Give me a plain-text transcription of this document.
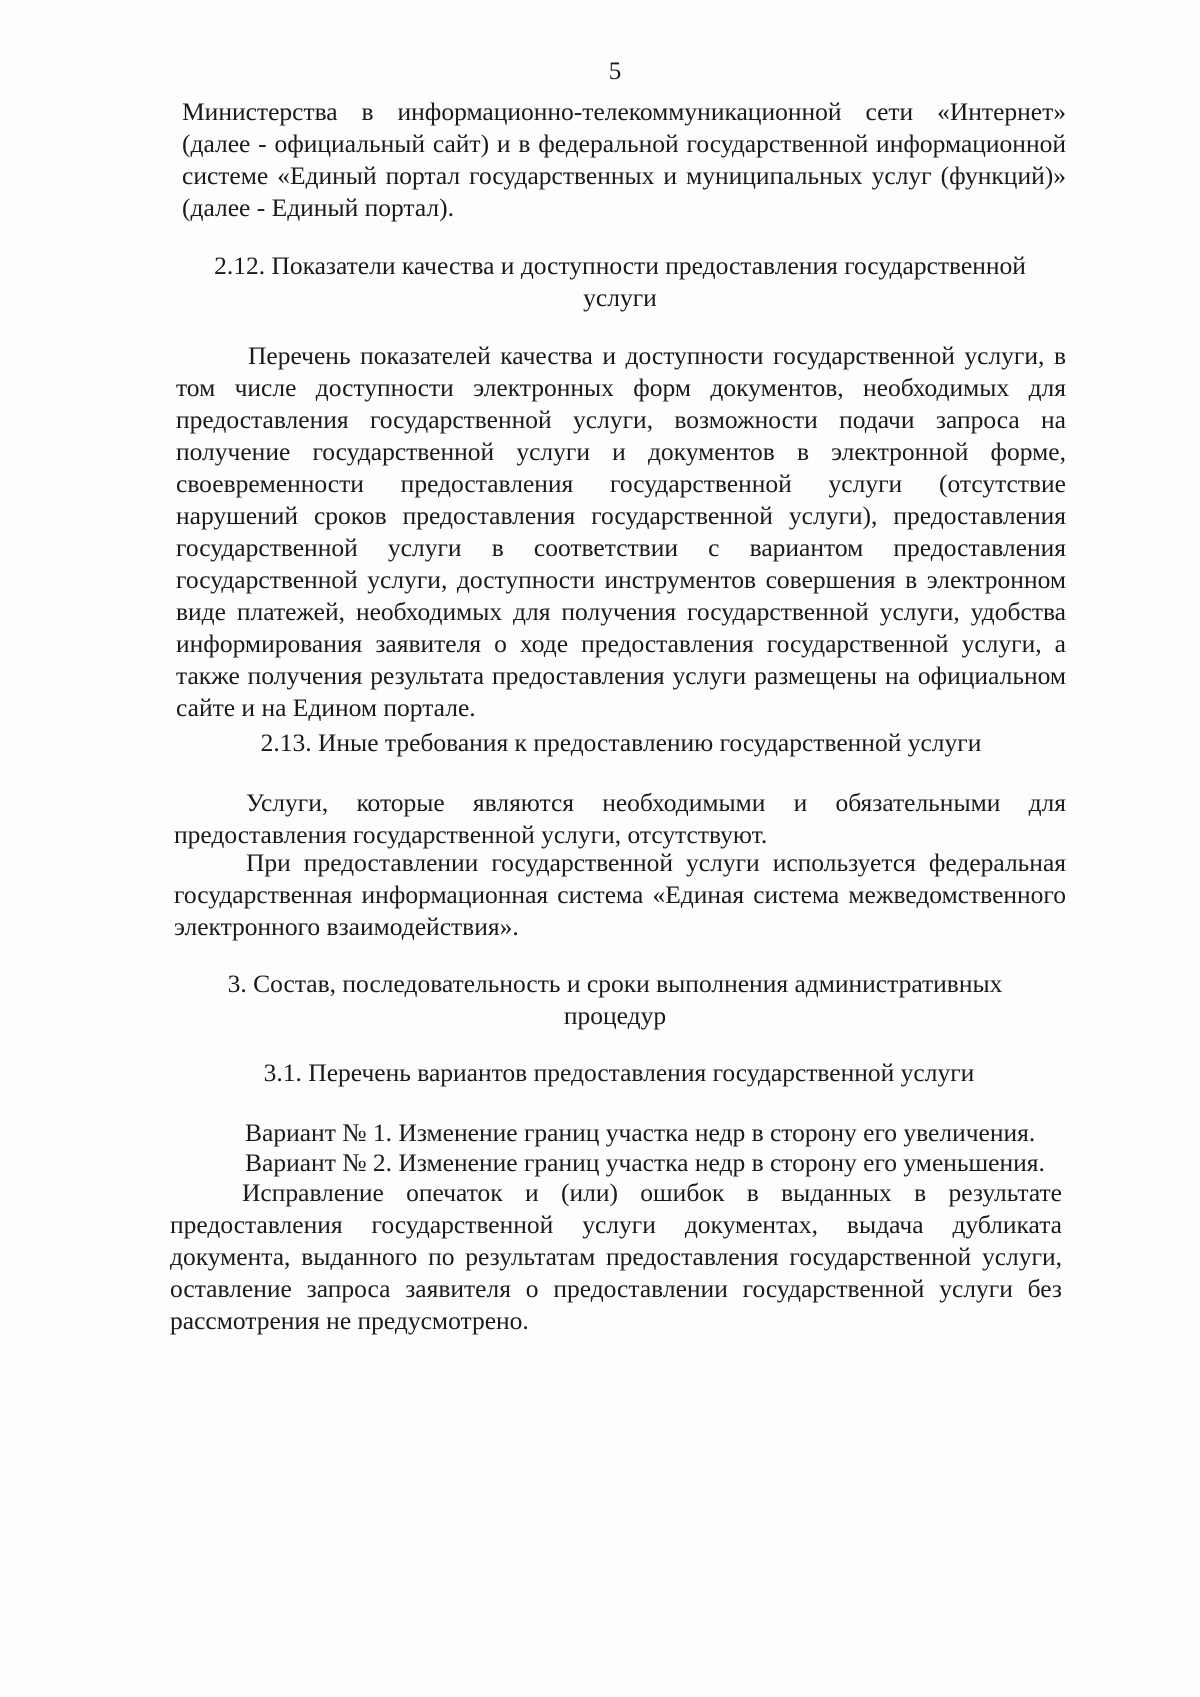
5

Министерства в информационно-телекоммуникационной сети «Интернет» (далее - официальный сайт) и в федеральной государственной информационной системе «Единый портал государственных и муниципальных услуг (функций)» (далее - Единый портал).

2.12. Показатели качества и доступности предоставления государственной услуги

Перечень показателей качества и доступности государственной услуги, в том числе доступности электронных форм документов, необходимых для предоставления государственной услуги, возможности подачи запроса на получение государственной услуги и документов в электронной форме, своевременности предоставления государственной услуги (отсутствие нарушений сроков предоставления государственной услуги), предоставления государственной услуги в соответствии с вариантом предоставления государственной услуги, доступности инструментов совершения в электронном виде платежей, необходимых для получения государственной услуги, удобства информирования заявителя о ходе предоставления государственной услуги, а также получения результата предоставления услуги размещены на официальном сайте и на Едином портале.

2.13. Иные требования к предоставлению государственной услуги

Услуги, которые являются необходимыми и обязательными для предоставления государственной услуги, отсутствуют.

При предоставлении государственной услуги используется федеральная государственная информационная система «Единая система межведомственного электронного взаимодействия».

3. Состав, последовательность и сроки выполнения административных процедур

3.1. Перечень вариантов предоставления государственной услуги

Вариант № 1. Изменение границ участка недр в сторону его увеличения.

Вариант № 2. Изменение границ участка недр в сторону его уменьшения.

Исправление опечаток и (или) ошибок в выданных в результате предоставления государственной услуги документах, выдача дубликата документа, выданного по результатам предоставления государственной услуги, оставление запроса заявителя о предоставлении государственной услуги без рассмотрения не предусмотрено.
